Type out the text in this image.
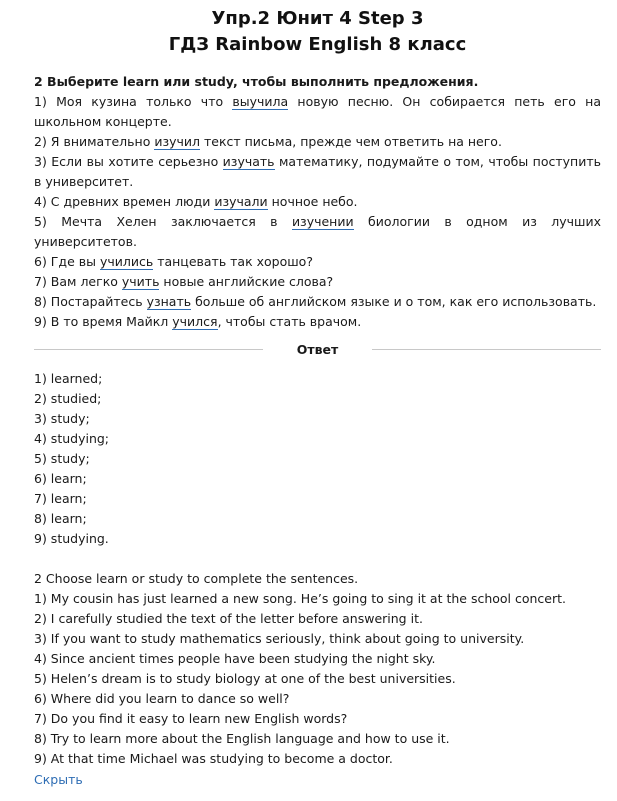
Упр.2 Юнит 4 Step 3
ГДЗ Rainbow English 8 класс
2 Выберите learn или study, чтобы выполнить предложения.
1) Моя кузина только что выучила новую песню. Он собирается петь его на школьном концерте.
2) Я внимательно изучил текст письма, прежде чем ответить на него.
3) Если вы хотите серьезно изучать математику, подумайте о том, чтобы поступить в университет.
4) С древних времен люди изучали ночное небо.
5) Мечта Хелен заключается в изучении биологии в одном из лучших университетов.
6) Где вы учились танцевать так хорошо?
7) Вам легко учить новые английские слова?
8) Постарайтесь узнать больше об английском языке и о том, как его использовать.
9) В то время Майкл учился, чтобы стать врачом.
Ответ
1) learned;
2) studied;
3) study;
4) studying;
5) study;
6) learn;
7) learn;
8) learn;
9) studying.
2 Choose learn or study to complete the sentences.
1) My cousin has just learned a new song. He’s going to sing it at the school concert.
2) I carefully studied the text of the letter before answering it.
3) If you want to study mathematics seriously, think about going to university.
4) Since ancient times people have been studying the night sky.
5) Helen’s dream is to study biology at one of the best universities.
6) Where did you learn to dance so well?
7) Do you find it easy to learn new English words?
8) Try to learn more about the English language and how to use it.
9) At that time Michael was studying to become a doctor.
Скрыть
